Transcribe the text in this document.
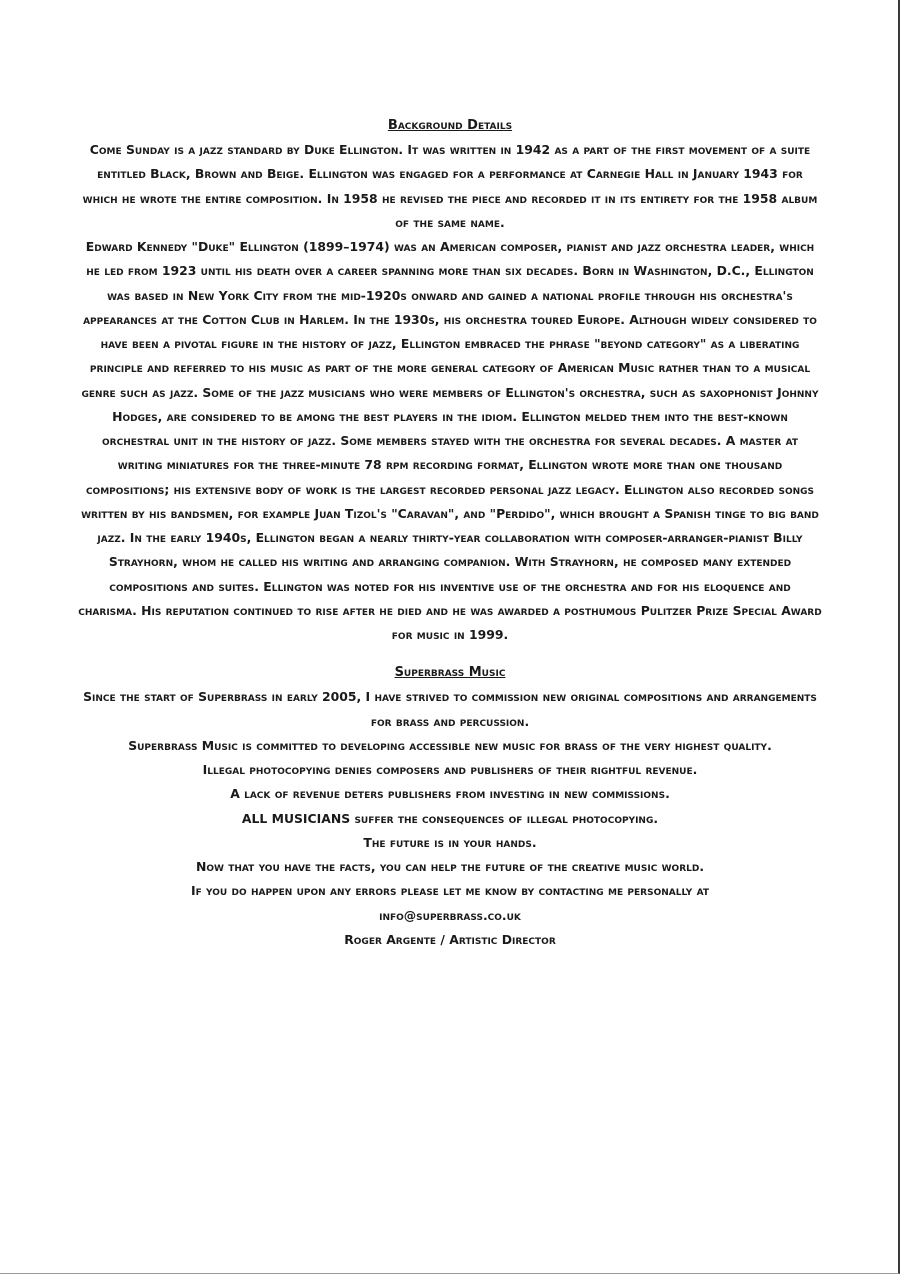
Background Details

Come Sunday is a jazz standard by Duke Ellington. It was written in 1942 as a part of the first movement of a suite entitled Black, Brown and Beige. Ellington was engaged for a performance at Carnegie Hall in January 1943 for which he wrote the entire composition. In 1958 he revised the piece and recorded it in its entirety for the 1958 album of the same name.

Edward Kennedy "Duke" Ellington (1899–1974) was an American composer, pianist and jazz orchestra leader, which he led from 1923 until his death over a career spanning more than six decades. Born in Washington, D.C., Ellington was based in New York City from the mid-1920s onward and gained a national profile through his orchestra's appearances at the Cotton Club in Harlem. In the 1930s, his orchestra toured Europe. Although widely considered to have been a pivotal figure in the history of jazz, Ellington embraced the phrase "beyond category" as a liberating principle and referred to his music as part of the more general category of American Music rather than to a musical genre such as jazz. Some of the jazz musicians who were members of Ellington's orchestra, such as saxophonist Johnny Hodges, are considered to be among the best players in the idiom. Ellington melded them into the best-known orchestral unit in the history of jazz. Some members stayed with the orchestra for several decades. A master at writing miniatures for the three-minute 78 rpm recording format, Ellington wrote more than one thousand compositions; his extensive body of work is the largest recorded personal jazz legacy. Ellington also recorded songs written by his bandsmen, for example Juan Tizol's "Caravan", and "Perdido", which brought a Spanish tinge to big band jazz. In the early 1940s, Ellington began a nearly thirty-year collaboration with composer-arranger-pianist Billy Strayhorn, whom he called his writing and arranging companion. With Strayhorn, he composed many extended compositions and suites. Ellington was noted for his inventive use of the orchestra and for his eloquence and charisma. His reputation continued to rise after he died and he was awarded a posthumous Pulitzer Prize Special Award for music in 1999.

Superbrass Music

Since the start of Superbrass in early 2005, I have strived to commission new original compositions and arrangements for brass and percussion.

Superbrass Music is committed to developing accessible new music for brass of the very highest quality.

Illegal photocopying denies composers and publishers of their rightful revenue.

A lack of revenue deters publishers from investing in new commissions.

ALL MUSICIANS suffer the consequences of illegal photocopying.

The future is in your hands.

Now that you have the facts, you can help the future of the creative music world.

If you do happen upon any errors please let me know by contacting me personally at

info@superbrass.co.uk

Roger Argente / Artistic Director
